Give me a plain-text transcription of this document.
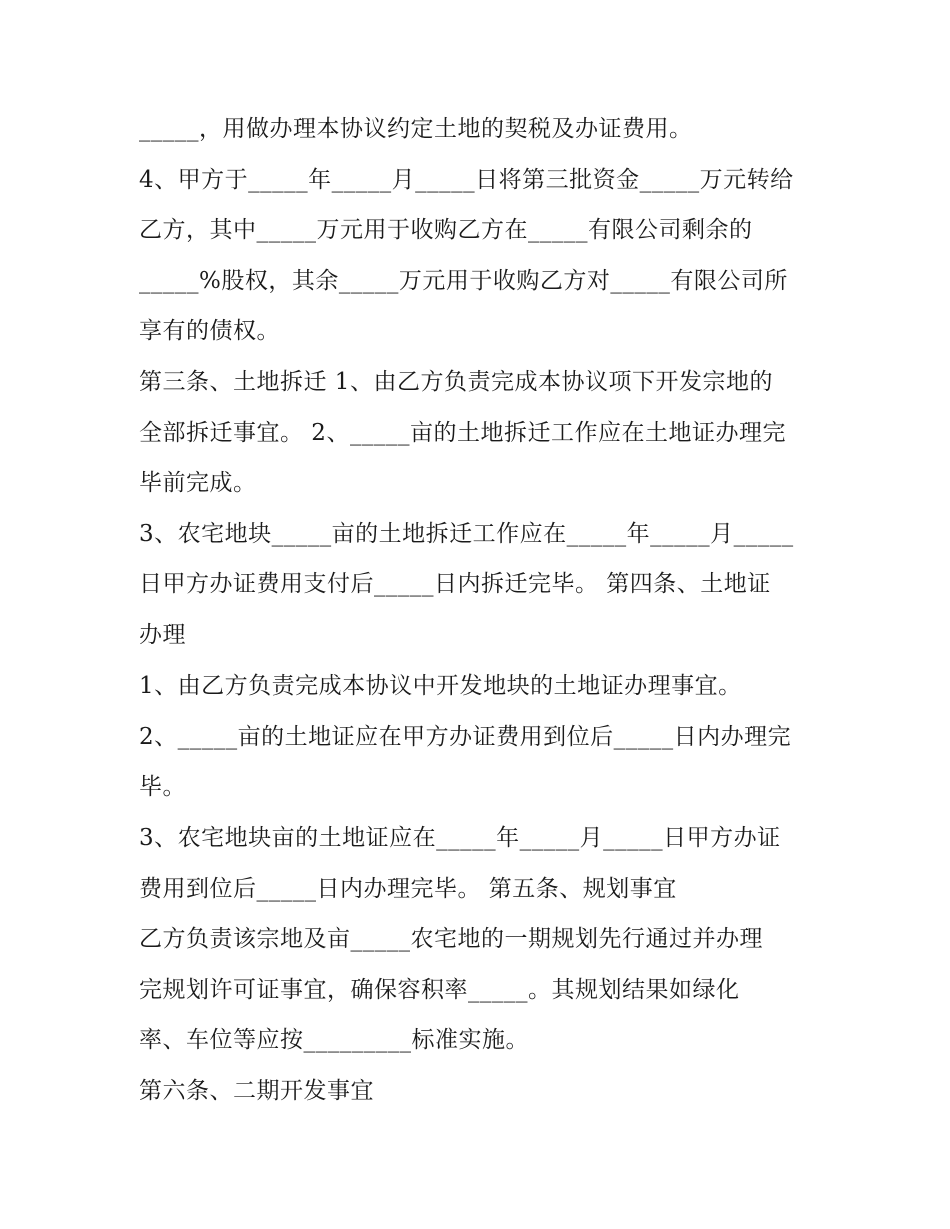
_____，用做办理本协议约定土地的契税及办证费用。
4、甲方于_____年_____月_____日将第三批资金_____万元转给
乙方，其中_____万元用于收购乙方在_____有限公司剩余的
_____%股权，其余_____万元用于收购乙方对_____有限公司所
享有的债权。
第三条、土地拆迁 1、由乙方负责完成本协议项下开发宗地的
全部拆迁事宜。 2、_____亩的土地拆迁工作应在土地证办理完
毕前完成。
3、农宅地块_____亩的土地拆迁工作应在_____年_____月_____
日甲方办证费用支付后_____日内拆迁完毕。 第四条、土地证
办理
1、由乙方负责完成本协议中开发地块的土地证办理事宜。
2、_____亩的土地证应在甲方办证费用到位后_____日内办理完
毕。
3、农宅地块亩的土地证应在_____年_____月_____日甲方办证
费用到位后_____日内办理完毕。 第五条、规划事宜
乙方负责该宗地及亩_____农宅地的一期规划先行通过并办理
完规划许可证事宜，确保容积率_____。其规划结果如绿化
率、车位等应按_________标准实施。
第六条、二期开发事宜
